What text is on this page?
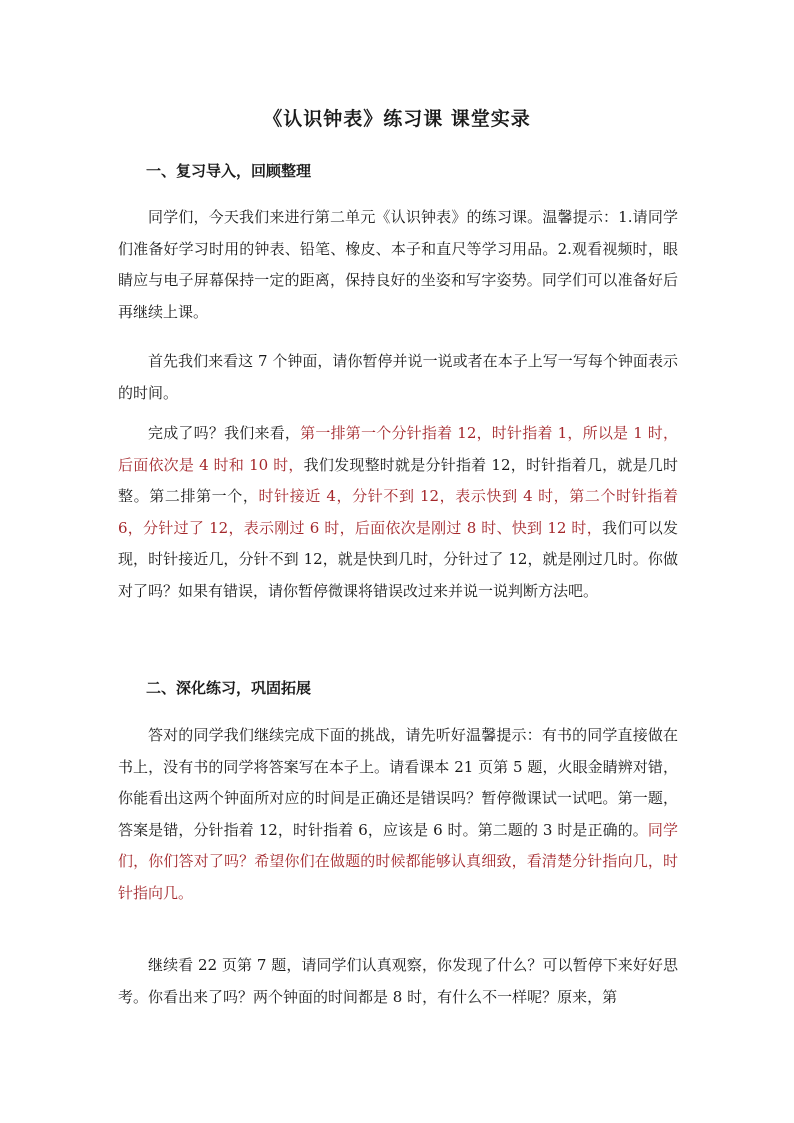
《认识钟表》练习课 课堂实录
一、复习导入，回顾整理
同学们，今天我们来进行第二单元《认识钟表》的练习课。温馨提示：1.请同学们准备好学习时用的钟表、铅笔、橡皮、本子和直尺等学习用品。2.观看视频时，眼睛应与电子屏幕保持一定的距离，保持良好的坐姿和写字姿势。同学们可以准备好后再继续上课。
首先我们来看这 7 个钟面，请你暂停并说一说或者在本子上写一写每个钟面表示的时间。
完成了吗？我们来看，第一排第一个分针指着 12，时针指着 1，所以是 1 时，后面依次是 4 时和 10 时，我们发现整时就是分针指着 12，时针指着几，就是几时整。第二排第一个，时针接近 4，分针不到 12，表示快到 4 时，第二个时针指着 6，分针过了 12，表示刚过 6 时，后面依次是刚过 8 时、快到 12 时，我们可以发现，时针接近几，分针不到 12，就是快到几时，分针过了 12，就是刚过几时。你做对了吗？如果有错误，请你暂停微课将错误改过来并说一说判断方法吧。
二、深化练习，巩固拓展
答对的同学我们继续完成下面的挑战，请先听好温馨提示：有书的同学直接做在书上，没有书的同学将答案写在本子上。请看课本 21 页第 5 题，火眼金睛辨对错，你能看出这两个钟面所对应的时间是正确还是错误吗？暂停微课试一试吧。第一题，答案是错，分针指着 12，时针指着 6，应该是 6 时。第二题的 3 时是正确的。同学们，你们答对了吗？希望你们在做题的时候都能够认真细致，看清楚分针指向几，时针指向几。
继续看 22 页第 7 题，请同学们认真观察，你发现了什么？可以暂停下来好好思考。你看出来了吗？两个钟面的时间都是 8 时，有什么不一样呢？原来，第
